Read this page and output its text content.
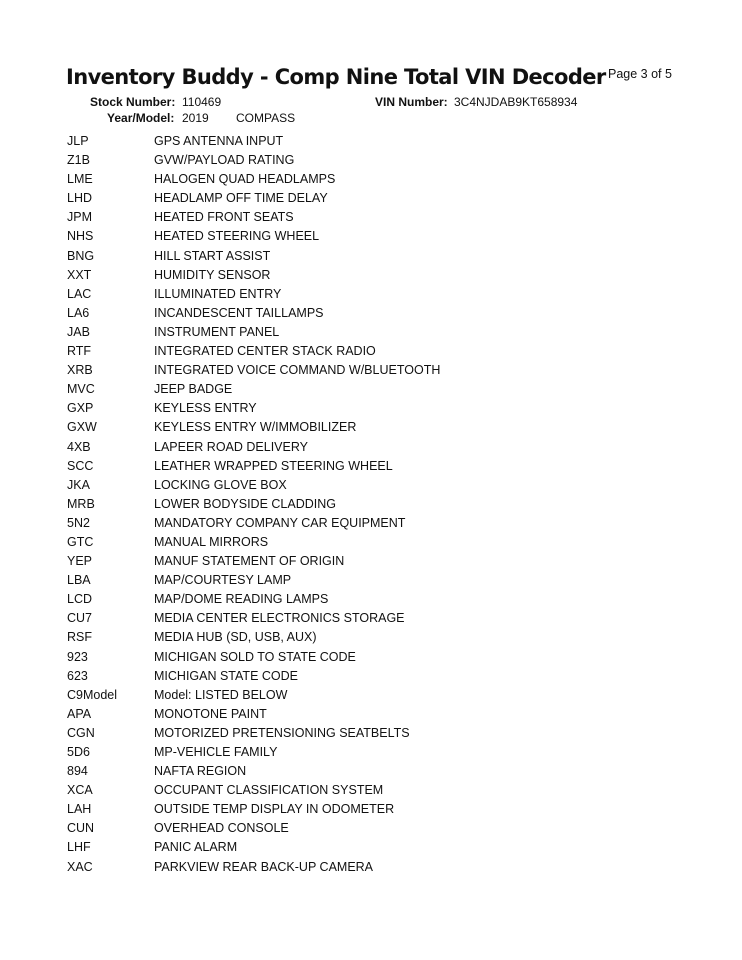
Inventory Buddy - Comp Nine Total VIN Decoder Page 3 of 5
Stock Number: 110469	VIN Number: 3C4NJDAB9KT658934
Year/Model: 2019 COMPASS
JLP	GPS ANTENNA INPUT
Z1B	GVW/PAYLOAD RATING
LME	HALOGEN QUAD HEADLAMPS
LHD	HEADLAMP OFF TIME DELAY
JPM	HEATED FRONT SEATS
NHS	HEATED STEERING WHEEL
BNG	HILL START ASSIST
XXT	HUMIDITY SENSOR
LAC	ILLUMINATED ENTRY
LA6	INCANDESCENT TAILLAMPS
JAB	INSTRUMENT PANEL
RTF	INTEGRATED CENTER STACK RADIO
XRB	INTEGRATED VOICE COMMAND W/BLUETOOTH
MVC	JEEP BADGE
GXP	KEYLESS ENTRY
GXW	KEYLESS ENTRY W/IMMOBILIZER
4XB	LAPEER ROAD DELIVERY
SCC	LEATHER WRAPPED STEERING WHEEL
JKA	LOCKING GLOVE BOX
MRB	LOWER BODYSIDE CLADDING
5N2	MANDATORY COMPANY CAR EQUIPMENT
GTC	MANUAL MIRRORS
YEP	MANUF STATEMENT OF ORIGIN
LBA	MAP/COURTESY LAMP
LCD	MAP/DOME READING LAMPS
CU7	MEDIA CENTER ELECTRONICS STORAGE
RSF	MEDIA HUB (SD, USB, AUX)
923	MICHIGAN SOLD TO STATE CODE
623	MICHIGAN STATE CODE
C9Model	Model: LISTED BELOW
APA	MONOTONE PAINT
CGN	MOTORIZED PRETENSIONING SEATBELTS
5D6	MP-VEHICLE FAMILY
894	NAFTA REGION
XCA	OCCUPANT CLASSIFICATION SYSTEM
LAH	OUTSIDE TEMP DISPLAY IN ODOMETER
CUN	OVERHEAD CONSOLE
LHF	PANIC ALARM
XAC	PARKVIEW REAR BACK-UP CAMERA
